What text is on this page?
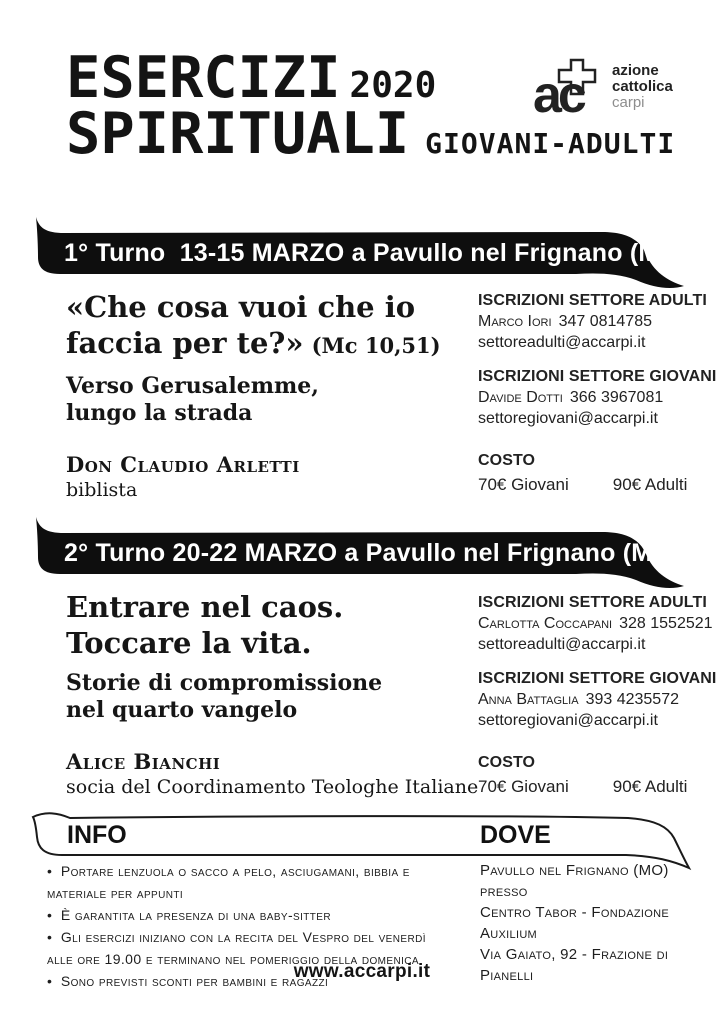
ESERCIZI 2020
SPIRITUALI GIOVANI-ADULTI
ac azione
cattolica
carpi
1° Turno  13-15 MARZO a Pavullo nel Frignano (MO)
«Che cosa vuoi che io
faccia per te?» (Mc 10,51)
Verso Gerusalemme,
lungo la strada
Don Claudio Arletti
biblista
ISCRIZIONI SETTORE ADULTI
Marco Iori 347 0814785
settoreadulti@accarpi.it
ISCRIZIONI SETTORE GIOVANI
Davide Dotti 366 3967081
settoregiovani@accarpi.it
COSTO
70€ Giovani	90€ Adulti
2° Turno 20-22 MARZO a Pavullo nel Frignano (MO)
Entrare nel caos.
Toccare la vita.
Storie di compromissione
nel quarto vangelo
Alice Bianchi
socia del Coordinamento Teologhe Italiane
ISCRIZIONI SETTORE ADULTI
Carlotta Coccapani 328 1552521
settoreadulti@accarpi.it
ISCRIZIONI SETTORE GIOVANI
Anna Battaglia 393 4235572
settoregiovani@accarpi.it
COSTO
70€ Giovani	90€ Adulti
INFO	DOVE
•  Portare lenzuola o sacco a pelo, asciugamani, bibbia e materiale per appunti
•  È garantita la presenza di una baby-sitter
•  Gli esercizi iniziano con la recita del Vespro del venerdì alle ore 19.00 e terminano nel pomeriggio della domenica
•  Sono previsti sconti per bambini e ragazzi
Pavullo nel Frignano (MO)
presso
Centro Tabor - Fondazione Auxilium
Via Gaiato, 92 - Frazione di Pianelli
www.accarpi.it
